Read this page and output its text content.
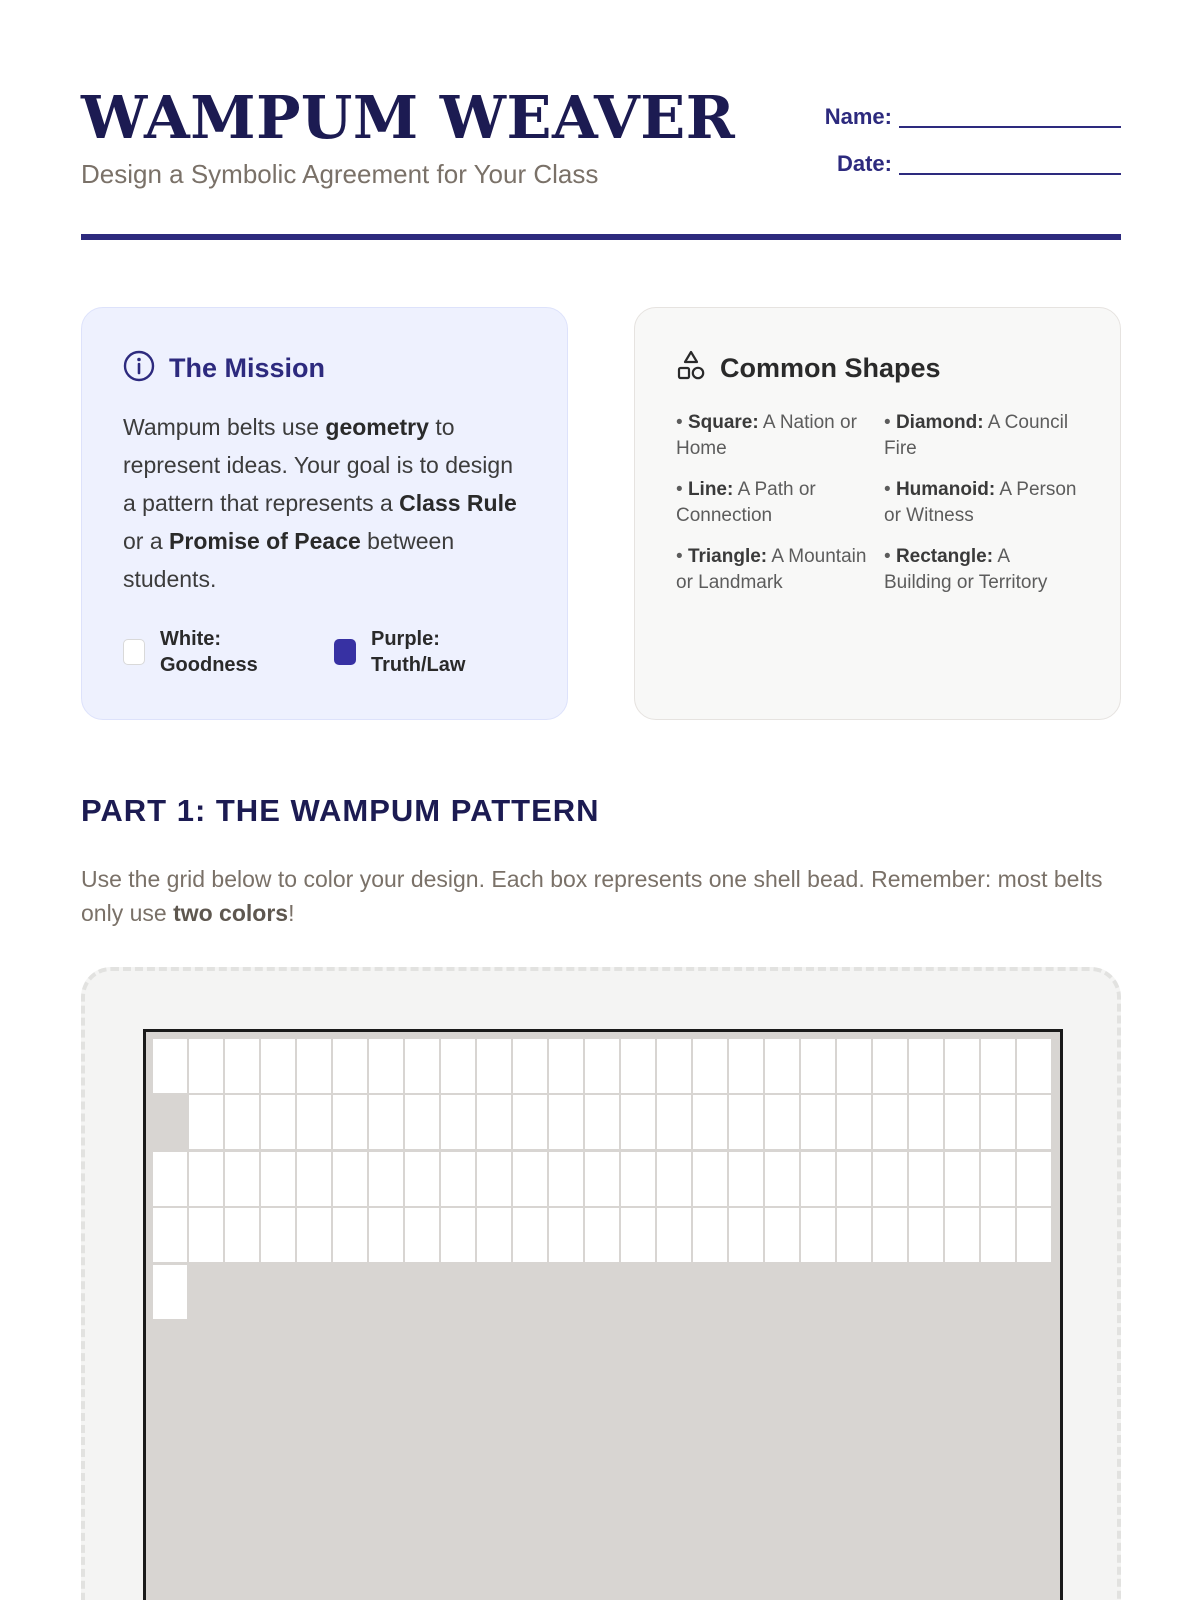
WAMPUM WEAVER
Design a Symbolic Agreement for Your Class
Name:
Date:
The Mission

Wampum belts use geometry to represent ideas. Your goal is to design a pattern that represents a Class Rule or a Promise of Peace between students.

White: Goodness
Purple: Truth/Law
Common Shapes
• Square: A Nation or Home
• Diamond: A Council Fire
• Line: A Path or Connection
• Humanoid: A Person or Witness
• Triangle: A Mountain or Landmark
• Rectangle: A Building or Territory
PART 1: THE WAMPUM PATTERN

Use the grid below to color your design. Each box represents one shell bead. Remember: most belts only use two colors!
